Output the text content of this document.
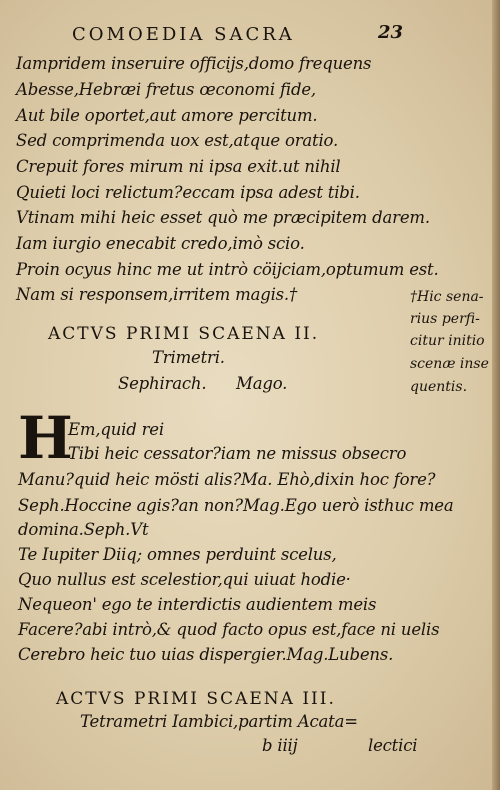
COMOEDIA SACRA	23
Iampridem inseruire officijs,domo frequens
Abesse,Hebræi fretus œconomi fide,
Aut bile oportet,aut amore percitum.
Sed comprimenda uox est,atque oratio.
Crepuit fores mirum ni ipsa exit.ut nihil
Quieti loci relictum?eccam ipsa adest tibi.
Vtinam mihi heic esset quò me præcipitem darem.
Iam iurgio enecabit credo,imò scio.
Proin ocyus hinc me ut intrò cöijciam,optumum est.
Nam si responsem,irritem magis.†	†Hic sena-
rius perfi-
citur initio
scenæ inse
quentis.
ACTVS PRIMI SCAENA II.
Trimetri.
Sephirach. Mago.
H
Em,quid rei
Tibi heic cessator?iam ne missus obsecro
Manu?quid heic mösti alis?Ma. Ehò,dixin hoc fore?
Seph.Hoccine agis?an non?Mag.Ego uerò isthuc mea
domina.Seph.Vt
Te Iupiter Diiq; omnes perduint scelus,
Quo nullus est scelestior,qui uiuat hodie·
Nequeon' ego te interdictis audientem meis
Facere?abi intrò,& quod facto opus est,face ni uelis
Cerebro heic tuo uias dispergier.Mag.Lubens.
ACTVS PRIMI SCAENA III.
Tetrametri Iambici,partim Acata=
b iiij	lectici
